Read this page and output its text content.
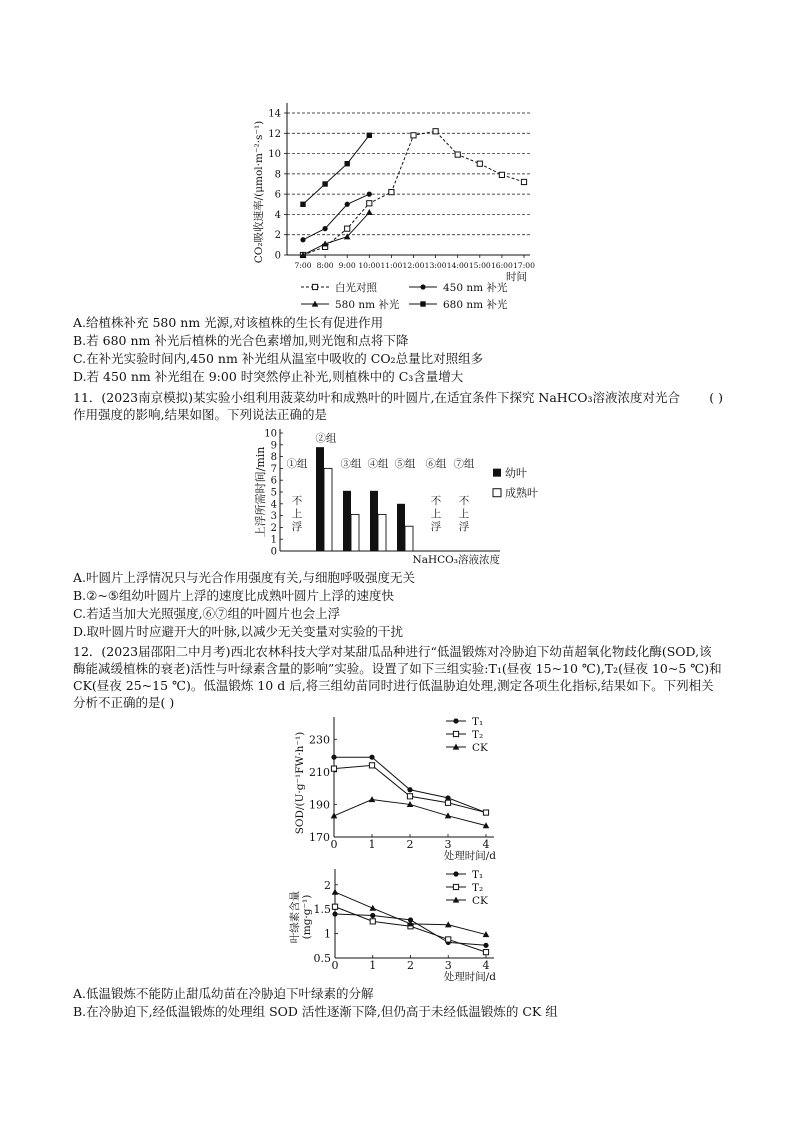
0
2
4
6
8
10
12
14
7:00 8:00 9:00 10:00 11:00 12:00 13:00 14:00 15:00 16:00 17:00
时间
CO₂吸收速率/(μmol·m⁻²·s⁻¹)
白光对照	450 nm 补光
580 nm 补光	680 nm 补光
A.给植株补充 580 nm 光源,对该植株的生长有促进作用
B.若 680 nm 补光后植株的光合色素增加,则光饱和点将下降
C.在补光实验时间内,450 nm 补光组从温室中吸收的 CO₂总量比对照组多
D.若 450 nm 补光组在 9:00 时突然停止补光,则植株中的 C₃含量增大
11．(2023南京模拟)某实验小组利用菠菜幼叶和成熟叶的叶圆片,在适宜条件下探究 NaHCO₃溶液浓度对光合作用强度的影响,结果如图。下列说法正确的是
( )
0
1
2
3
4
5
6
7
8
9
10
上浮所需时间/min
NaHCO₃溶液浓度
不
上
浮
①组
②组
③组 ④组 ⑤组
不
上
浮
⑥组
不
上
浮
⑦组
幼叶
成熟叶
A.叶圆片上浮情况只与光合作用强度有关,与细胞呼吸强度无关
B.②~⑤组幼叶圆片上浮的速度比成熟叶圆片上浮的速度快
C.若适当加大光照强度,⑥⑦组的叶圆片也会上浮
D.取叶圆片时应避开大的叶脉,以减少无关变量对实验的干扰
12．(2023届邵阳二中月考)西北农林科技大学对某甜瓜品种进行“低温锻炼对冷胁迫下幼苗超氧化物歧化酶(SOD,该酶能减缓植株的衰老)活性与叶绿素含量的影响”实验。设置了如下三组实验:T₁(昼夜 15~10 ℃),T₂(昼夜 10~5 ℃)和 CK(昼夜 25~15 ℃)。低温锻炼 10 d 后,将三组幼苗同时进行低温胁迫处理,测定各项生化指标,结果如下。下列相关分析不正确的是( )
170
190
210
230
0	1	2	3	4
处理时间/d
T₁
T₂
CK
SOD/(U·g⁻¹FW·h⁻¹)
0.5
1
1.5
2
0	1	2	3	4
处理时间/d
T₁
T₂
CK
叶绿素含量 (mg·g⁻¹)
A.低温锻炼不能防止甜瓜幼苗在冷胁迫下叶绿素的分解
B.在冷胁迫下,经低温锻炼的处理组 SOD 活性逐渐下降,但仍高于未经低温锻炼的 CK 组
